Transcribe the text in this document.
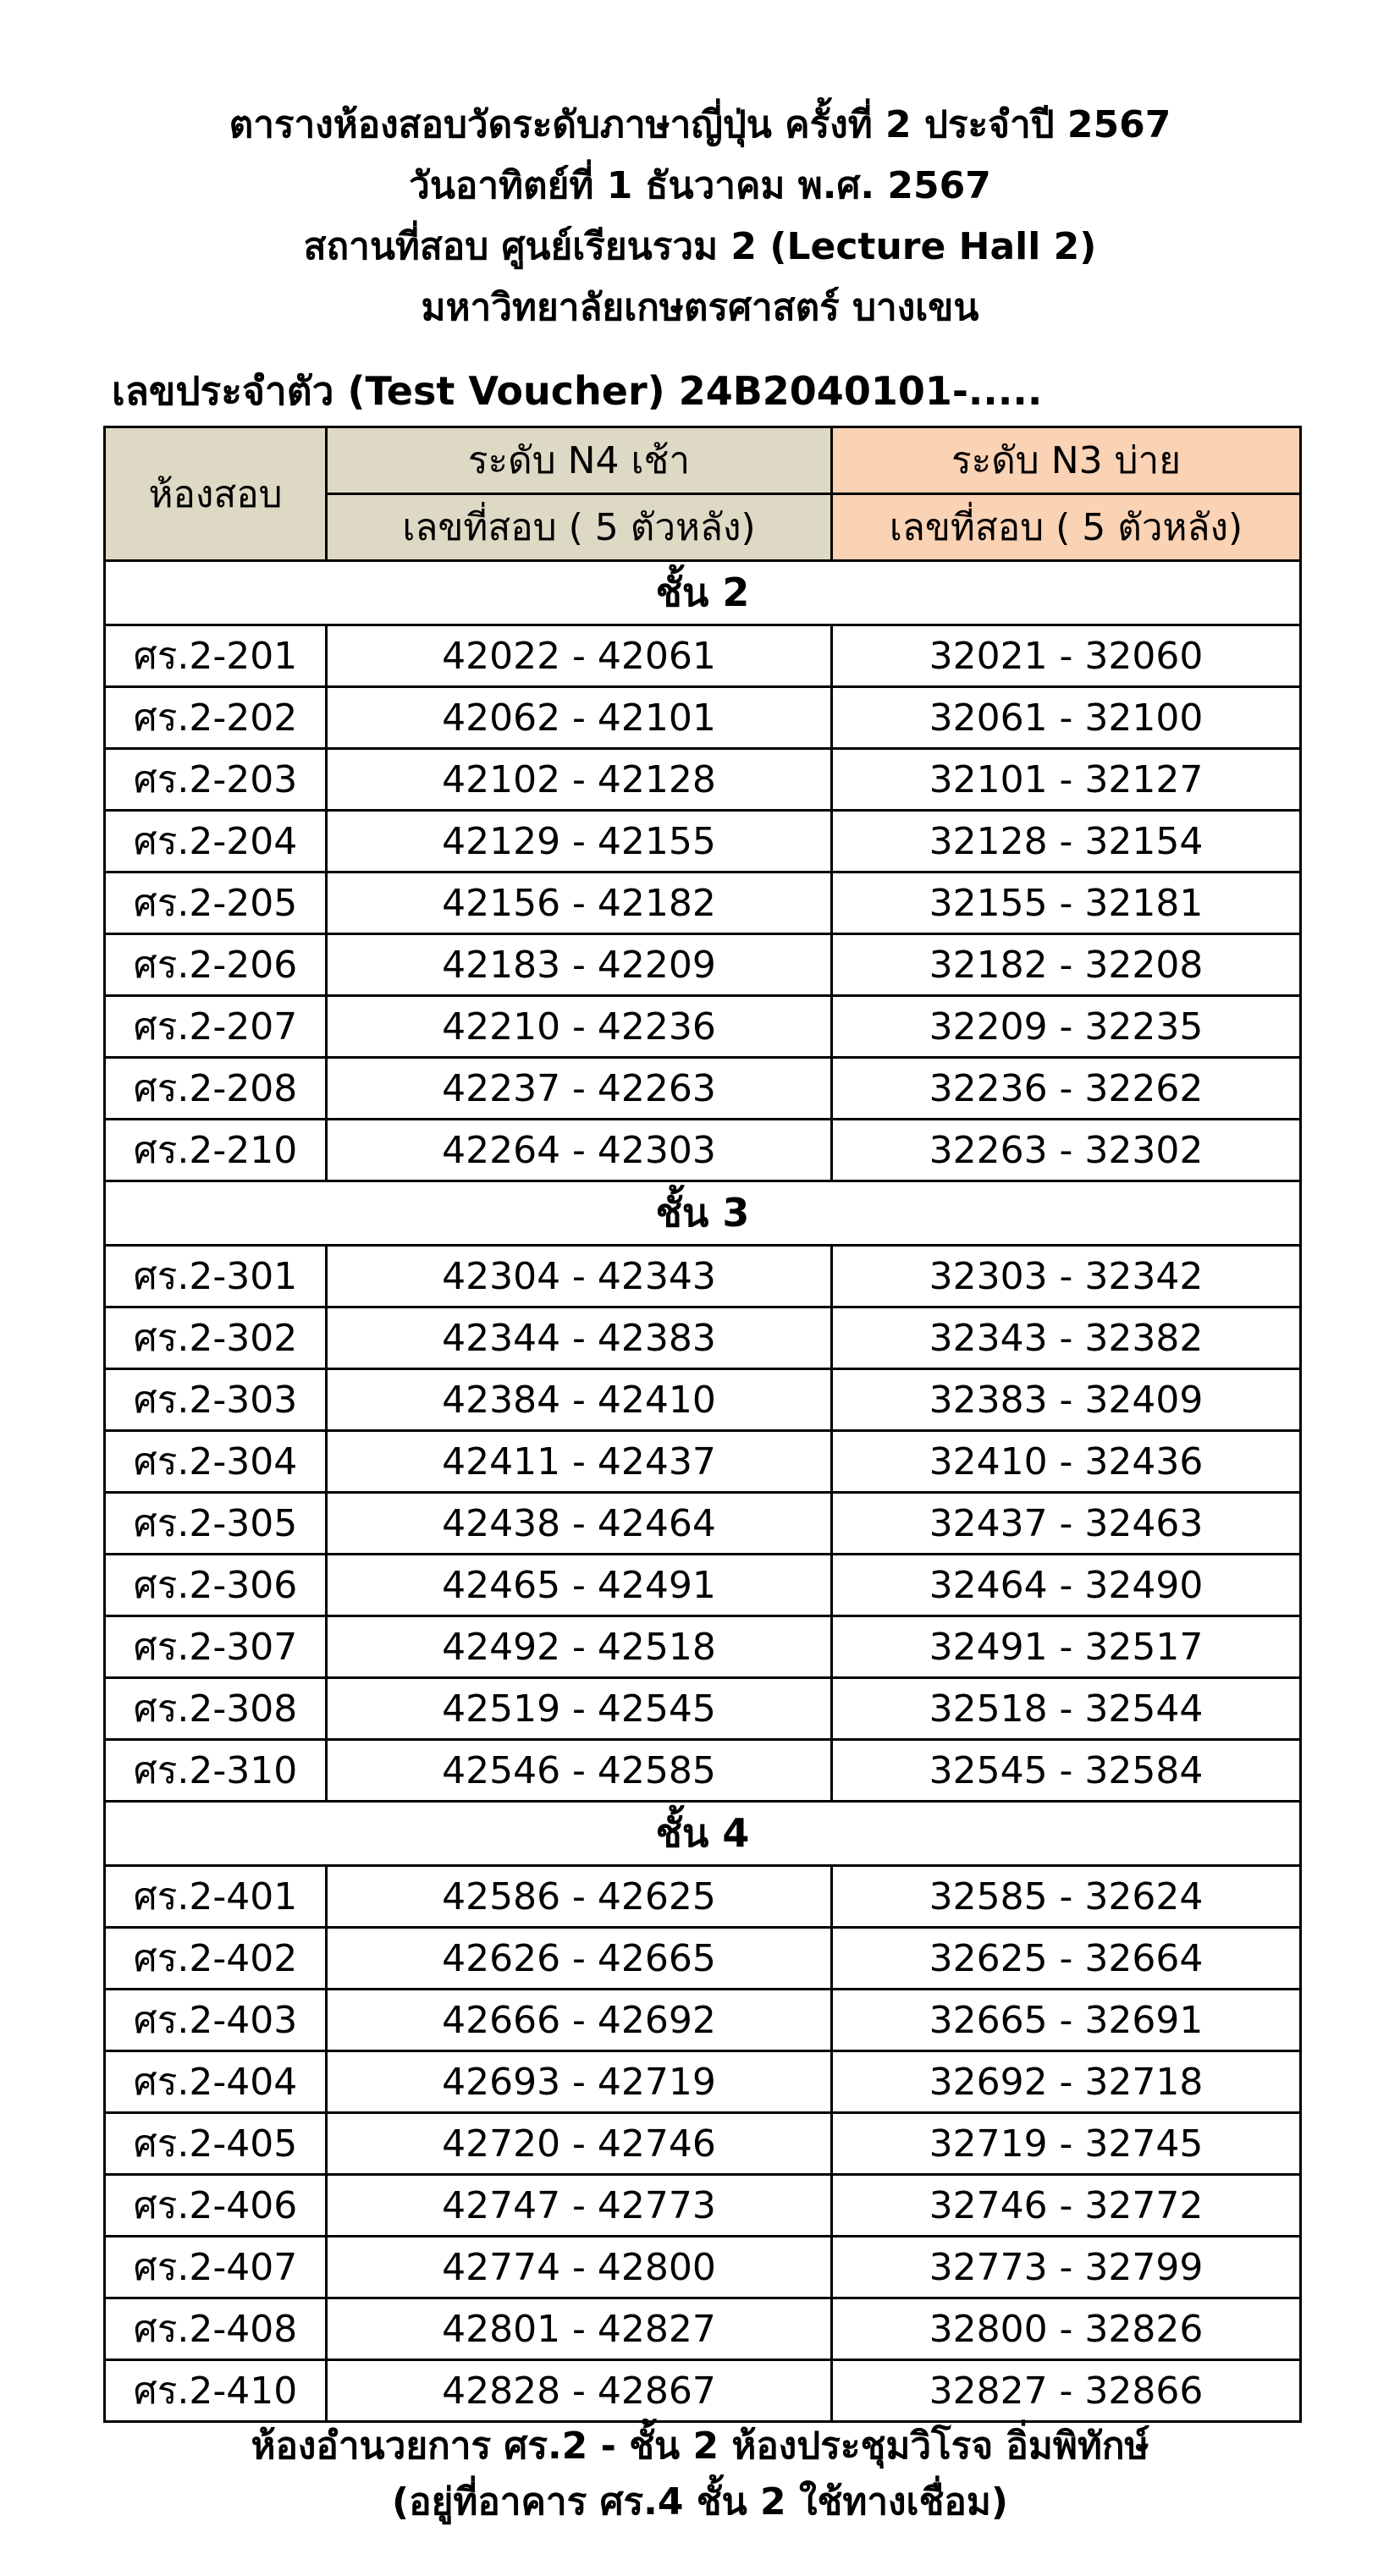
ตารางห้องสอบวัดระดับภาษาญี่ปุ่น ครั้งที่ 2 ประจำปี 2567
วันอาทิตย์ที่ 1 ธันวาคม พ.ศ. 2567
สถานที่สอบ ศูนย์เรียนรวม 2 (Lecture Hall 2)
มหาวิทยาลัยเกษตรศาสตร์ บางเขน
เลขประจำตัว (Test Voucher) 24B2040101-.....
ห้องสอบ	ระดับ N4 เช้า	ระดับ N3 บ่าย
	เลขที่สอบ ( 5 ตัวหลัง)	เลขที่สอบ ( 5 ตัวหลัง)
ชั้น 2		
ศร.2-201	42022 - 42061	32021 - 32060
ศร.2-202	42062 - 42101	32061 - 32100
ศร.2-203	42102 - 42128	32101 - 32127
ศร.2-204	42129 - 42155	32128 - 32154
ศร.2-205	42156 - 42182	32155 - 32181
ศร.2-206	42183 - 42209	32182 - 32208
ศร.2-207	42210 - 42236	32209 - 32235
ศร.2-208	42237 - 42263	32236 - 32262
ศร.2-210	42264 - 42303	32263 - 32302
ชั้น 3		
ศร.2-301	42304 - 42343	32303 - 32342
ศร.2-302	42344 - 42383	32343 - 32382
ศร.2-303	42384 - 42410	32383 - 32409
ศร.2-304	42411 - 42437	32410 - 32436
ศร.2-305	42438 - 42464	32437 - 32463
ศร.2-306	42465 - 42491	32464 - 32490
ศร.2-307	42492 - 42518	32491 - 32517
ศร.2-308	42519 - 42545	32518 - 32544
ศร.2-310	42546 - 42585	32545 - 32584
ชั้น 4		
ศร.2-401	42586 - 42625	32585 - 32624
ศร.2-402	42626 - 42665	32625 - 32664
ศร.2-403	42666 - 42692	32665 - 32691
ศร.2-404	42693 - 42719	32692 - 32718
ศร.2-405	42720 - 42746	32719 - 32745
ศร.2-406	42747 - 42773	32746 - 32772
ศร.2-407	42774 - 42800	32773 - 32799
ศร.2-408	42801 - 42827	32800 - 32826
ศร.2-410	42828 - 42867	32827 - 32866
ห้องอำนวยการ ศร.2 - ชั้น 2 ห้องประชุมวิโรจ อิ่มพิทักษ์
(อยู่ที่อาคาร ศร.4 ชั้น 2 ใช้ทางเชื่อม)
